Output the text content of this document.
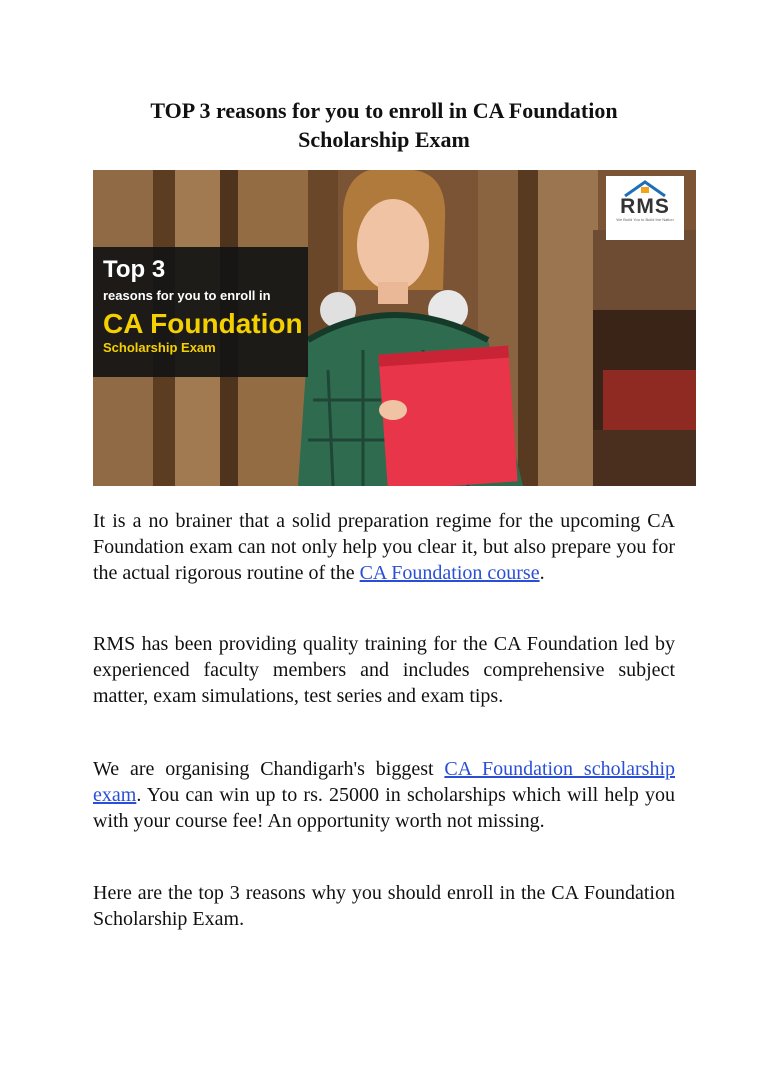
TOP 3 reasons for you to enroll in CA Foundation Scholarship Exam
Top 3
reasons for you to enroll in
CA Foundation
Scholarship Exam
RMS
We Build You to Build the Nation

It is a no brainer that a solid preparation regime for the upcoming CA Foundation exam can not only help you clear it, but also prepare you for the actual rigorous routine of the CA Foundation course.

RMS has been providing quality training for the CA Foundation led by experienced faculty members and includes comprehensive subject matter, exam simulations, test series and exam tips.

We are organising Chandigarh's biggest CA Foundation scholarship exam. You can win up to rs. 25000 in scholarships which will help you with your course fee! An opportunity worth not missing.

Here are the top 3 reasons why you should enroll in the CA Foundation Scholarship Exam.
